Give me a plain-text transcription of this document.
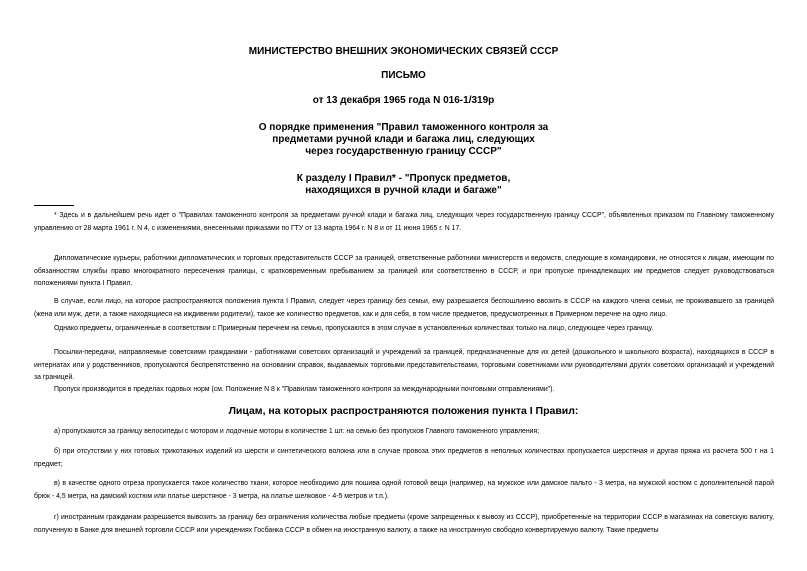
МИНИСТЕРСТВО ВНЕШНИХ ЭКОНОМИЧЕСКИХ СВЯЗЕЙ СССР
ПИСЬМО
от 13 декабря 1965 года N 016-1/319р
О порядке применения "Правил таможенного контроля за
предметами ручной клади и багажа лиц, следующих
через государственную границу СССР"
К разделу I Правил* - "Пропуск предметов,
находящихся в ручной клади и багаже"
* Здесь и в дальнейшем речь идет о "Правилах таможенного контроля за предметами ручной клади и багажа лиц, следующих через государственную границу СССР", объявленных приказом по Главному таможенному управлению от 28 марта 1961 г. N 4, с изменениями, внесенными приказами по ГТУ от 13 марта 1964 г. N 8 и от 11 июня 1965 г. N 17.
Дипломатические курьеры, работники дипломатических и торговых представительств СССР за границей, ответственные работники министерств и ведомств, следующие в командировки, не относятся к лицам, имеющим по обязанностям службы право многократного пересечения границы, с кратковременным пребыванием за границей или соответственно в СССР, и при пропуске принадлежащих им предметов следует руководствоваться положениями пункта I Правил.
В случае, если лицо, на которое распространяются положения пункта I Правил, следует через границу без семьи, ему разрешается беспошлинно ввозить в СССР на каждого члена семьи, не проживавшего за границей (жена или муж, дети, а также находящиеся на иждивении родители), такое же количество предметов, как и для себя, в том числе предметов, предусмотренных в Примерном перечне на одно лицо.
Однако предметы, ограниченные в соответствии с Примерным перечнем на семью, пропускаются в этом случае в установленных количествах только на лицо, следующее через границу.
Посылки-передачи, направляемые советскими гражданами - работниками советских организаций и учреждений за границей, предназначенные для их детей (дошкольного и школьного возраста), находящихся в СССР в интернатах или у родственников, пропускаются беспрепятственно на основании справок, выдаваемых торговыми представительствами, торговыми советниками или руководителями других советских организаций и учреждений за границей.
Пропуск производится в пределах годовых норм (см. Положение N 8 к "Правилам таможенного контроля за международными почтовыми отправлениями").
Лицам, на которых распространяются положения пункта I Правил:
а) пропускаются за границу велосипеды с мотором и лодочные моторы в количестве 1 шт. на семью без пропусков Главного таможенного управления;
б) при отсутствии у них готовых трикотажных изделий из шерсти и синтетического волокна или в случае провоза этих предметов в неполных количествах пропускается шерстяная и другая пряжа из расчета 500 г на 1 предмет;
в) в качестве одного отреза пропускается такое количество ткани, которое необходимо для пошива одной готовой вещи (например, на мужское или дамское пальто - 3 метра, на мужской костюм с дополнительной парой брюк - 4,5 метра, на дамский костюм или платье шерстяное - 3 метра, на платье шелковое - 4-5 метров и т.п.).
г) иностранным гражданам разрешается вывозить за границу без ограничения количества любые предметы (кроме запрещенных к вывозу из СССР), приобретенные на территории СССР в магазинах на советскую валюту, полученную в Банке для внешней торговли СССР или учреждениях Госбанка СССР в обмен на иностранную валюту, а также на иностранную свободно конвертируемую валюту. Такие предметы
